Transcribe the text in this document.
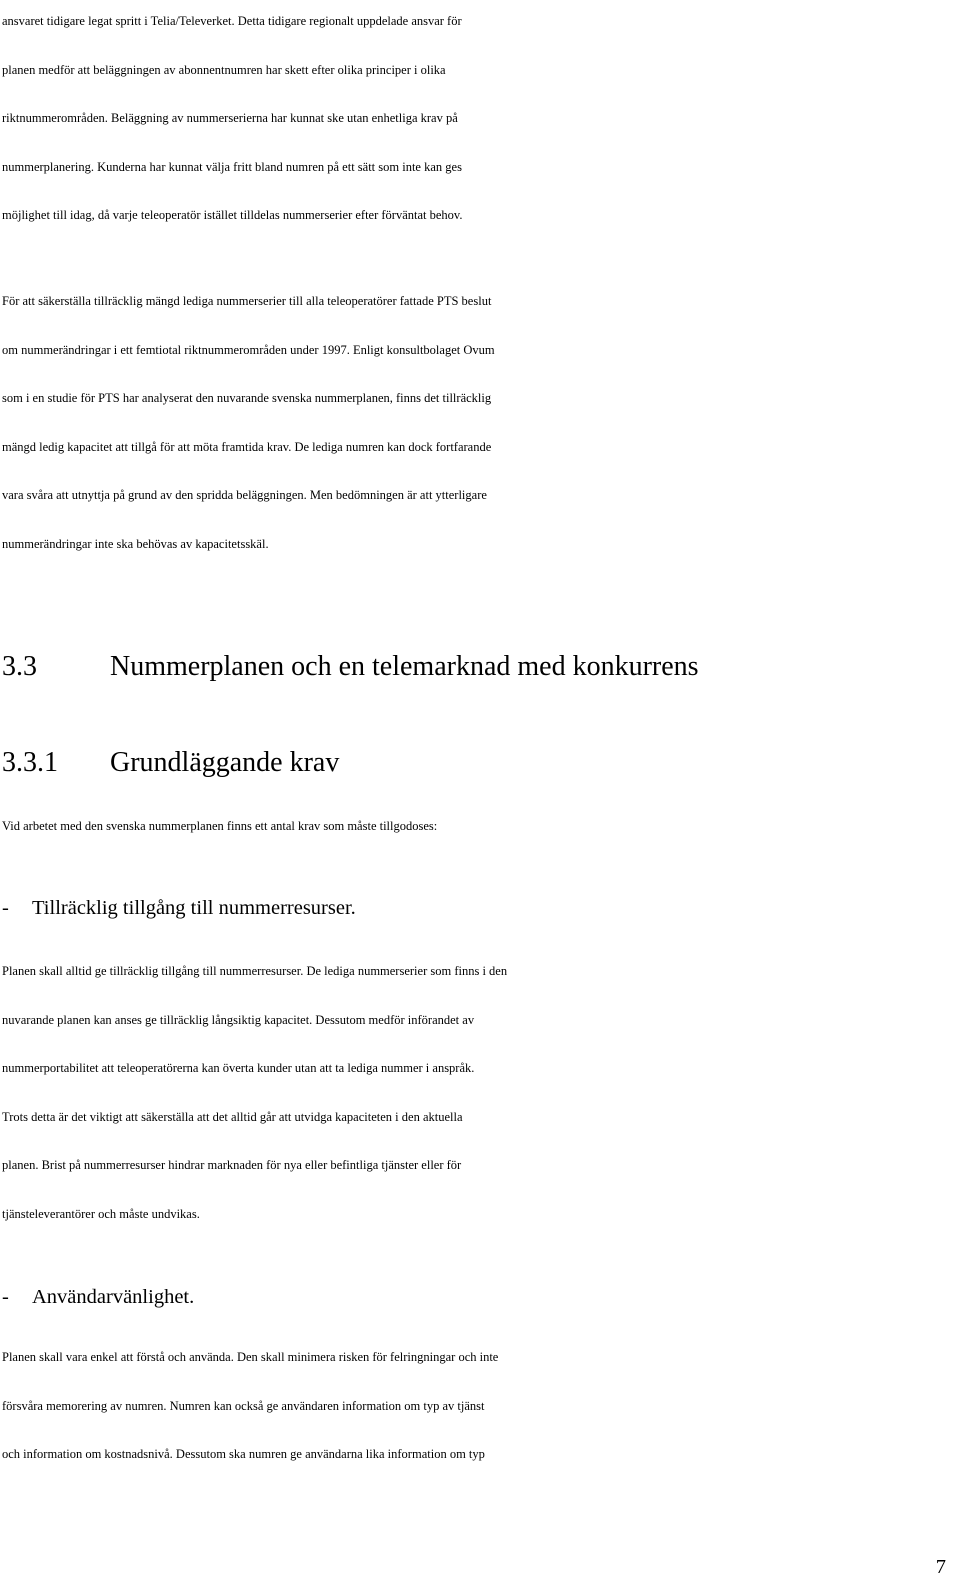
ansvaret tidigare legat spritt i Telia/Televerket. Detta tidigare regionalt uppdelade ansvar för
planen medför att beläggningen av abonnentnumren har skett efter olika principer i olika
riktnummerområden. Beläggning av nummerserierna har kunnat ske utan enhetliga krav på
nummerplanering. Kunderna har kunnat välja fritt bland numren på ett sätt som inte kan ges
möjlighet till idag, då varje teleoperatör istället tilldelas nummerserier efter förväntat behov.
För att säkerställa tillräcklig mängd lediga nummerserier till alla teleoperatörer fattade PTS beslut
om nummerändringar i ett femtiotal riktnummerområden under 1997. Enligt konsultbolaget Ovum
som i en studie för PTS har analyserat den nuvarande svenska nummerplanen, finns det tillräcklig
mängd ledig kapacitet att tillgå för att möta framtida krav. De lediga numren kan dock fortfarande
vara svåra att utnyttja på grund av den spridda beläggningen. Men bedömningen är att ytterligare
nummerändringar inte ska behövas av kapacitetsskäl.
3.3	Nummerplanen och en telemarknad med konkurrens
3.3.1 Grundläggande krav
Vid arbetet med den svenska nummerplanen finns ett antal krav som måste tillgodoses:

- Tillräcklig tillgång till nummerresurser.

Planen skall alltid ge tillräcklig tillgång till nummerresurser. De lediga nummerserier som finns i den
nuvarande planen kan anses ge tillräcklig långsiktig kapacitet. Dessutom medför införandet av
nummerportabilitet att teleoperatörerna kan överta kunder utan att ta lediga nummer i anspråk.
Trots detta är det viktigt att säkerställa att det alltid går att utvidga kapaciteten i den aktuella
planen. Brist på nummerresurser hindrar marknaden för nya eller befintliga tjänster eller för
tjänsteleverantörer och måste undvikas.

- Användarvänlighet.

Planen skall vara enkel att förstå och använda. Den skall minimera risken för felringningar och inte
försvåra memorering av numren. Numren kan också ge användaren information om typ av tjänst
och information om kostnadsnivå. Dessutom ska numren ge användarna lika information om typ
7
